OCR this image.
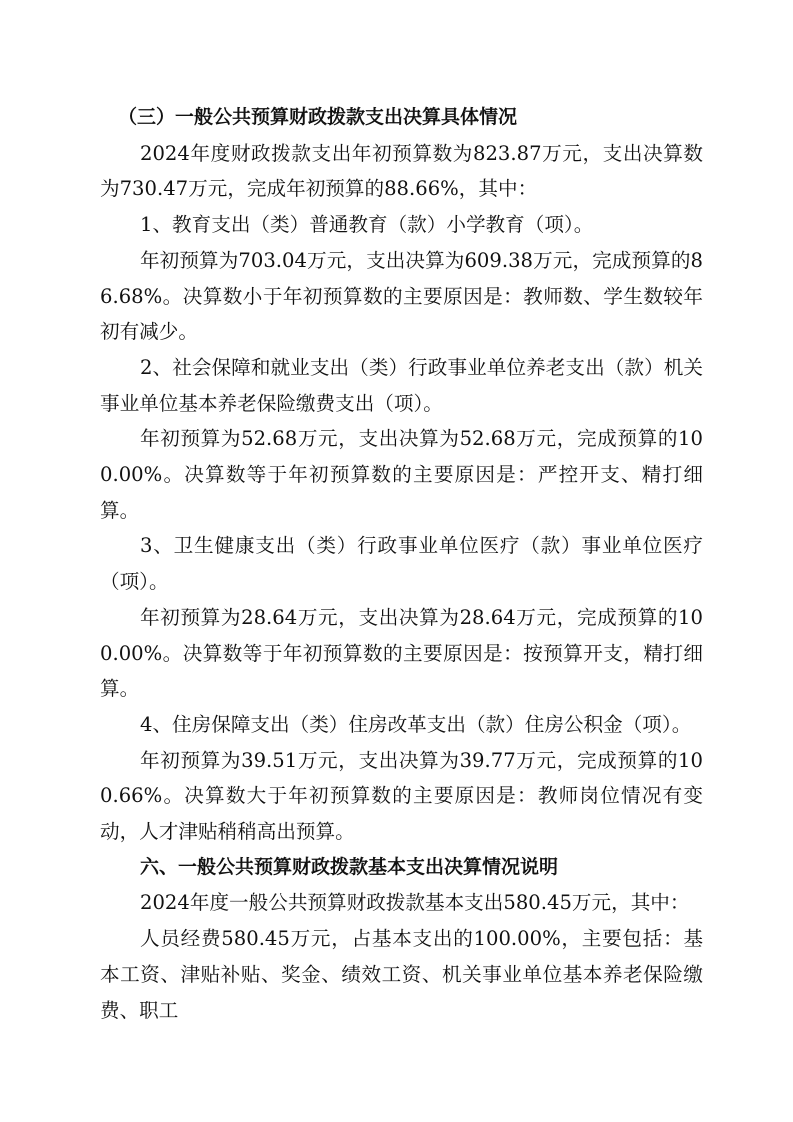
（三）一般公共预算财政拨款支出决算具体情况

2024年度财政拨款支出年初预算数为823.87万元，支出决算数为730.47万元，完成年初预算的88.66%，其中：

1、教育支出（类）普通教育（款）小学教育（项）。

年初预算为703.04万元，支出决算为609.38万元，完成预算的86.68%。决算数小于年初预算数的主要原因是：教师数、学生数较年初有减少。

2、社会保障和就业支出（类）行政事业单位养老支出（款）机关事业单位基本养老保险缴费支出（项）。

年初预算为52.68万元，支出决算为52.68万元，完成预算的100.00%。决算数等于年初预算数的主要原因是：严控开支、精打细算。

3、卫生健康支出（类）行政事业单位医疗（款）事业单位医疗（项）。

年初预算为28.64万元，支出决算为28.64万元，完成预算的100.00%。决算数等于年初预算数的主要原因是：按预算开支，精打细算。

4、住房保障支出（类）住房改革支出（款）住房公积金（项）。

年初预算为39.51万元，支出决算为39.77万元，完成预算的100.66%。决算数大于年初预算数的主要原因是：教师岗位情况有变动，人才津贴稍稍高出预算。

六、一般公共预算财政拨款基本支出决算情况说明

2024年度一般公共预算财政拨款基本支出580.45万元，其中：

人员经费580.45万元，占基本支出的100.00%，主要包括：基本工资、津贴补贴、奖金、绩效工资、机关事业单位基本养老保险缴费、职工
